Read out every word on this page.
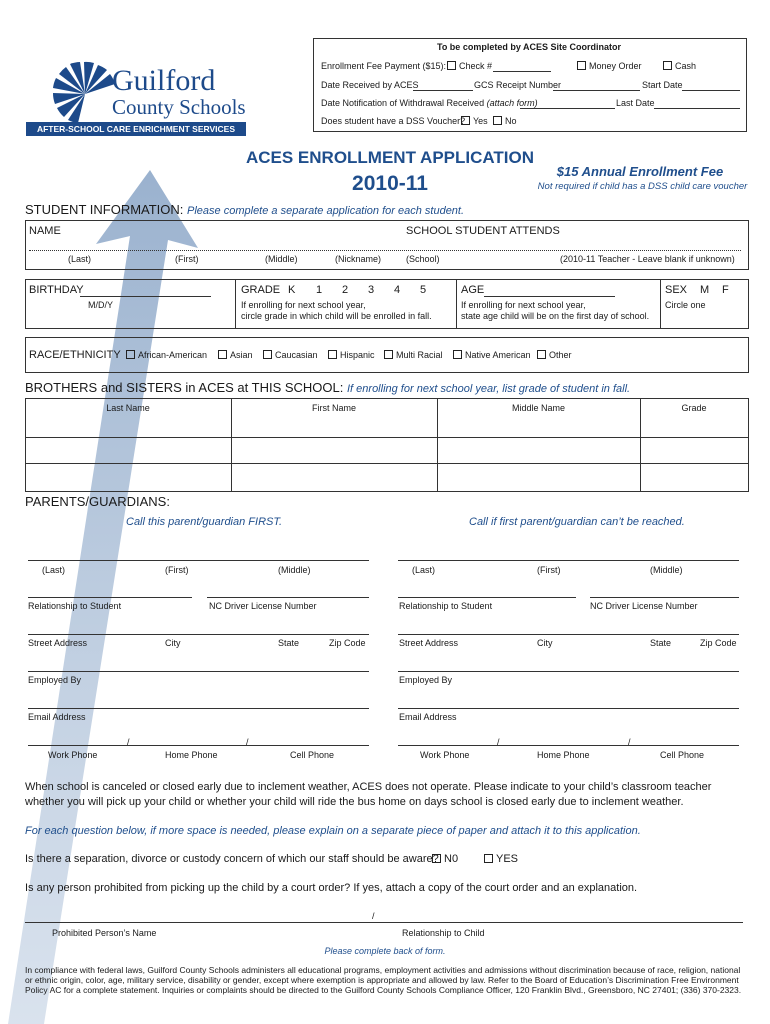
To be completed by ACES Site Coordinator
Enrollment Fee Payment ($15):	Check #	Money Order	Cash
Date Received by ACES	GCS Receipt Number	Start Date
Date Notification of Withdrawal Received (attach form)	Last Date
Does student have a DSS Voucher? Yes	No
Guilford
County Schools
AFTER-SCHOOL CARE ENRICHMENT SERVICES
ACES ENROLLMENT APPLICATION
2010-11
$15 Annual Enrollment Fee
Not required if child has a DSS child care voucher
STUDENT INFORMATION: Please complete a separate application for each student.
NAME	SCHOOL STUDENT ATTENDS
(Last)	(First)	(Middle)	(Nickname)	(School)	(2010-11 Teacher - Leave blank if unknown)
BIRTHDAY
M/D/Y
GRADE K 1 2 3 4 5
If enrolling for next school year,
circle grade in which child will be enrolled in fall.
AGE
If enrolling for next school year,
state age child will be on the first day of school.
SEX M F
Circle one
RACE/ETHNICITY	African-American	Asian	Caucasian	Hispanic	Multi Racial	Native American	Other
BROTHERS and SISTERS in ACES at THIS SCHOOL: If enrolling for next school year, list grade of student in fall.
Last Name	First Name	Middle Name	Grade
PARENTS/GUARDIANS:
Call this parent/guardian FIRST.	Call if first parent/guardian can’t be reached.
(Last)	(First)	(Middle)
Relationship to Student	NC Driver License Number
Street Address	City	State	Zip Code
Employed By
Email Address
/	/
Work Phone	Home Phone	Cell Phone
(Last)	(First)	(Middle)
Relationship to Student	NC Driver License Number
Street Address	City	State	Zip Code
Employed By
Email Address
/	/
Work Phone	Home Phone	Cell Phone
When school is canceled or closed early due to inclement weather, ACES does not operate. Please indicate to your child’s classroom teacher whether you will pick up your child or whether your child will ride the bus home on days school is closed early due to inclement weather.
For each question below, if more space is needed, please explain on a separate piece of paper and attach it to this application.
Is there a separation, divorce or custody concern of which our staff should be aware? N0	YES
Is any person prohibited from picking up the child by a court order? If yes, attach a copy of the court order and an explanation.
/
Prohibited Person’s Name	Relationship to Child
Please complete back of form.
In compliance with federal laws, Guilford County Schools administers all educational programs, employment activities and admissions without discrimination because of race, religion, national or ethnic origin, color, age, military service, disability or gender, except where exemption is appropriate and allowed by law. Refer to the Board of Education’s Discrimination Free Environment Policy AC for a complete statement. Inquiries or complaints should be directed to the Guilford County Schools Compliance Officer, 120 Franklin Blvd., Greensboro, NC 27401; (336) 370-2323.
